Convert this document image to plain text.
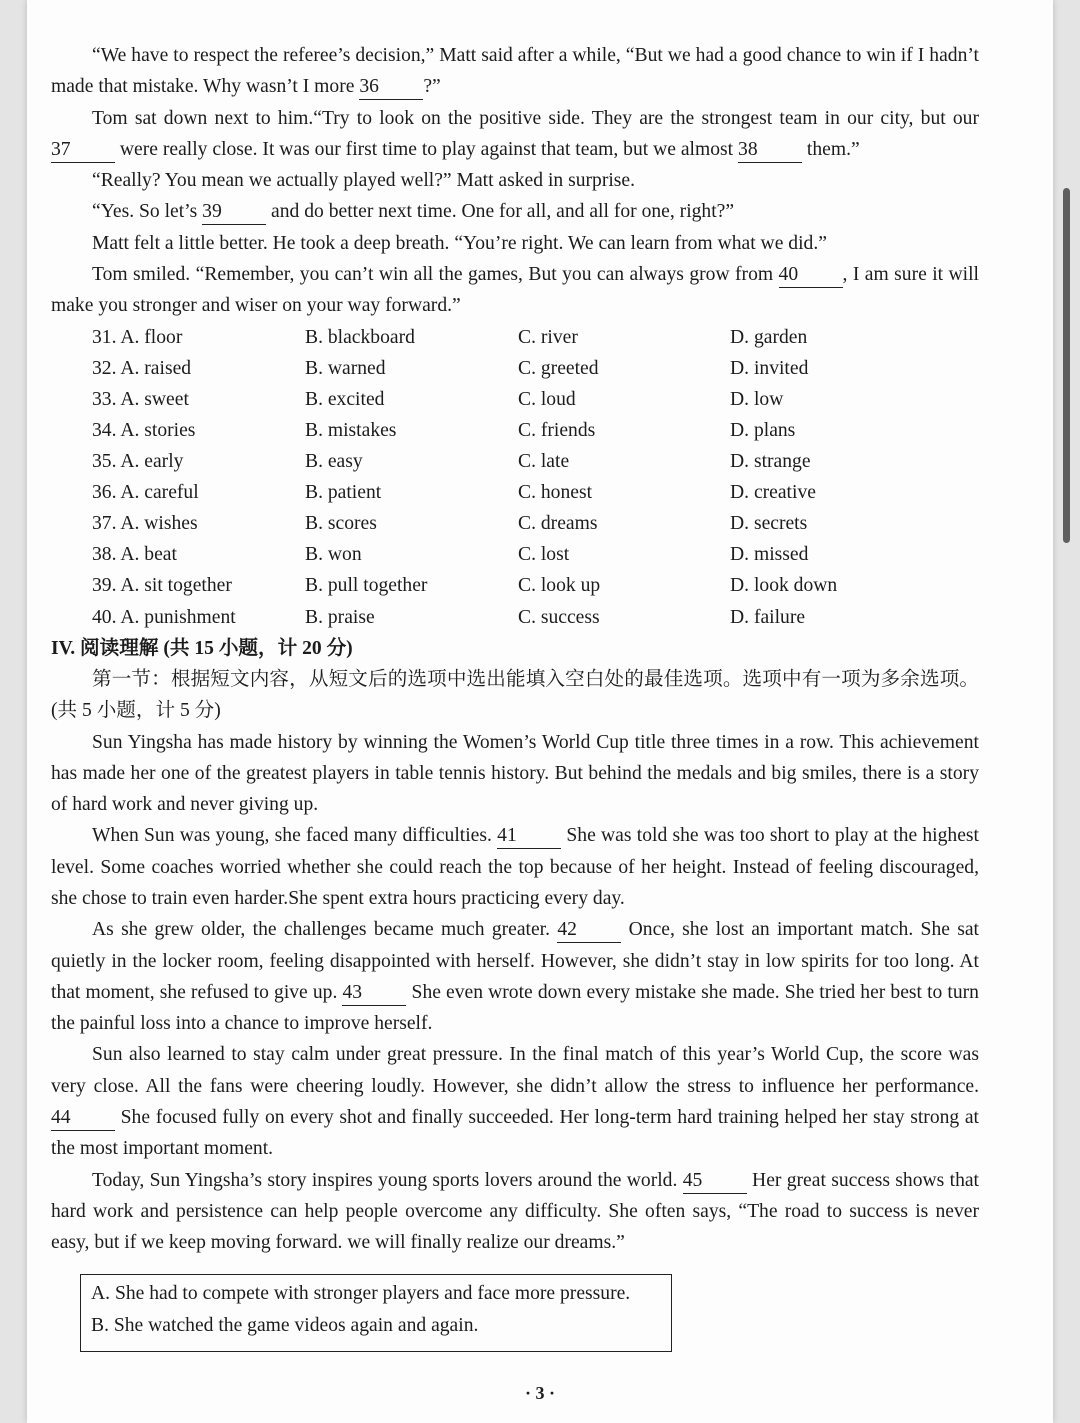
“We have to respect the referee’s decision,” Matt said after a while, “But we had a good chance to win if I hadn’t made that mistake. Why wasn’t I more 36 ?”

Tom sat down next to him.“Try to look on the positive side. They are the strongest team in our city, but our 37 were really close. It was our first time to play against that team, but we almost 38 them.”

“Really? You mean we actually played well?” Matt asked in surprise.

“Yes. So let’s 39 and do better next time. One for all, and all for one, right?”

Matt felt a little better. He took a deep breath. “You’re right. We can learn from what we did.”

Tom smiled. “Remember, you can’t win all the games, But you can always grow from 40 , I am sure it will make you stronger and wiser on your way forward.”

31. A. floor	B. blackboard	C. river	D. garden
32. A. raised	B. warned	C. greeted	D. invited
33. A. sweet	B. excited	C. loud	D. low
34. A. stories	B. mistakes	C. friends	D. plans
35. A. early	B. easy	C. late	D. strange
36. A. careful	B. patient	C. honest	D. creative
37. A. wishes	B. scores	C. dreams	D. secrets
38. A. beat	B. won	C. lost	D. missed
39. A. sit together	B. pull together	C. look up	D. look down
40. A. punishment	B. praise	C. success	D. failure

IV. 阅读理解 (共 15 小题，计 20 分)

第一节：根据短文内容，从短文后的选项中选出能填入空白处的最佳选项。选项中有一项为多余选项。(共 5 小题，计 5 分)

Sun Yingsha has made history by winning the Women’s World Cup title three times in a row. This achievement has made her one of the greatest players in table tennis history. But behind the medals and big smiles, there is a story of hard work and never giving up.

When Sun was young, she faced many difficulties. 41 She was told she was too short to play at the highest level. Some coaches worried whether she could reach the top because of her height. Instead of feeling discouraged, she chose to train even harder.She spent extra hours practicing every day.

As she grew older, the challenges became much greater. 42 Once, she lost an important match. She sat quietly in the locker room, feeling disappointed with herself. However, she didn’t stay in low spirits for too long. At that moment, she refused to give up. 43 She even wrote down every mistake she made. She tried her best to turn the painful loss into a chance to improve herself.

Sun also learned to stay calm under great pressure. In the final match of this year’s World Cup, the score was very close. All the fans were cheering loudly. However, she didn’t allow the stress to influence her performance. 44 She focused fully on every shot and finally succeeded. Her long-term hard training helped her stay strong at the most important moment.

Today, Sun Yingsha’s story inspires young sports lovers around the world. 45 Her great success shows that hard work and persistence can help people overcome any difficulty. She often says, “The road to success is never easy, but if we keep moving forward. we will finally realize our dreams.”

A. She had to compete with stronger players and face more pressure.
B. She watched the game videos again and again.
· 3 ·
